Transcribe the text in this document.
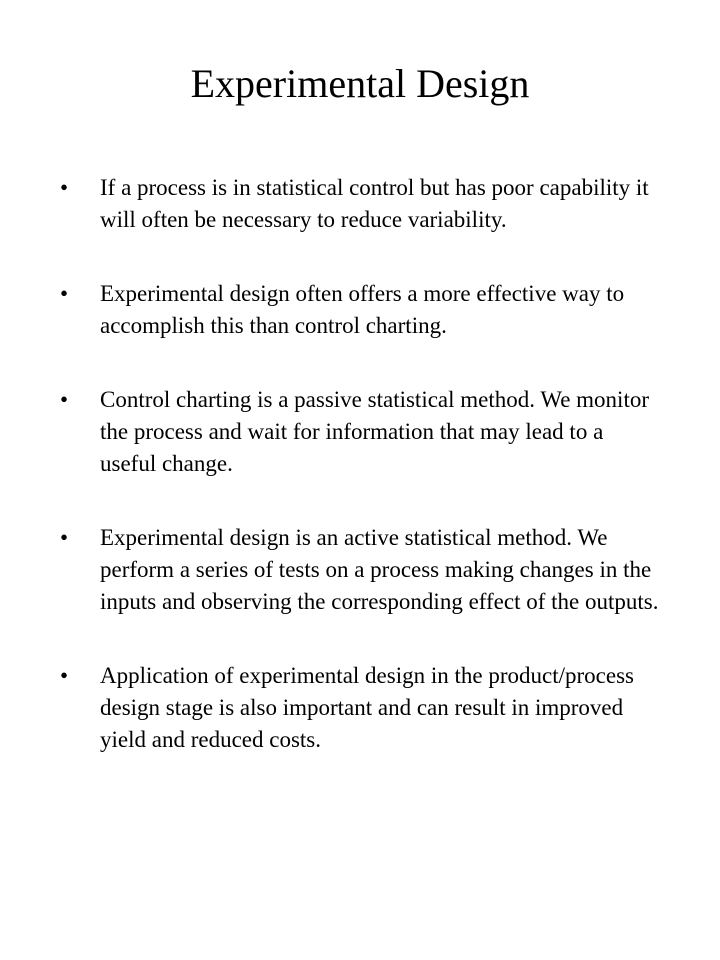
Experimental Design
•	If a process is in statistical control but has poor capability it will often be necessary to reduce variability.
•	Experimental design often offers a more effective way to accomplish this than control charting.
•	Control charting is a passive statistical method. We monitor the process and wait for information that may lead to a useful change.
•	Experimental design is an active statistical method. We perform a series of tests on a process making changes in the inputs and observing the corresponding effect of the outputs.
•	Application of experimental design in the product/process design stage is also important and can result in improved yield and reduced costs.
